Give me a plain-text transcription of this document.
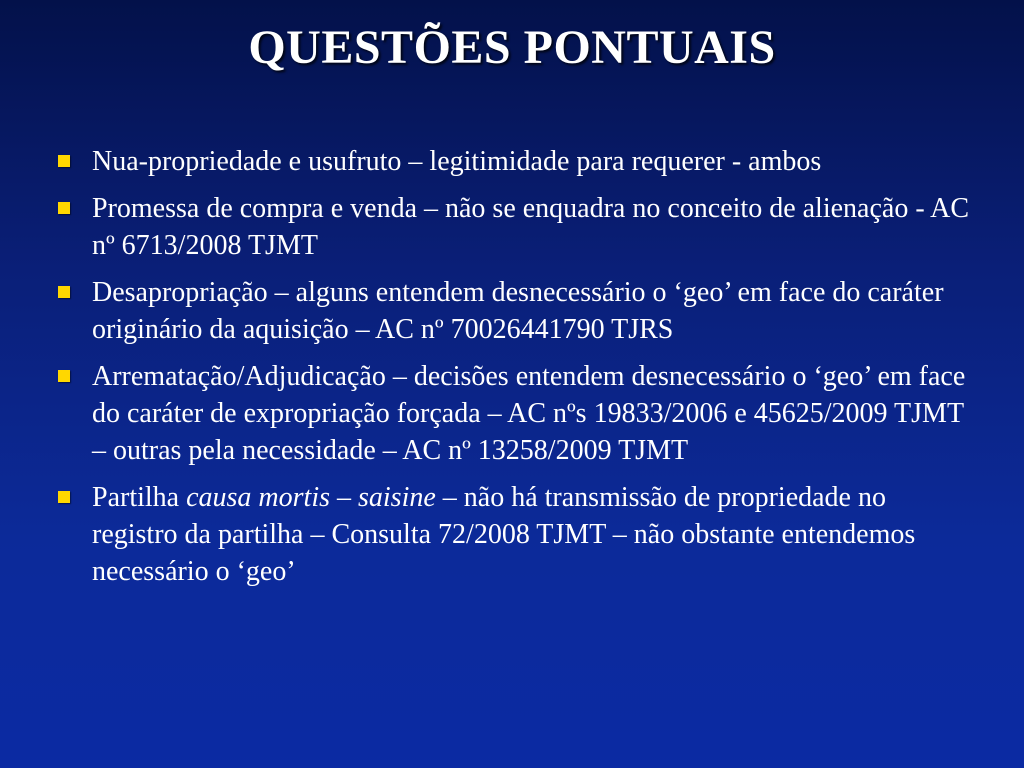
QUESTÕES PONTUAIS
Nua-propriedade e usufruto – legitimidade para requerer - ambos
Promessa de compra e venda – não se enquadra no conceito de alienação - AC nº 6713/2008 TJMT
Desapropriação – alguns entendem desnecessário o ‘geo’ em face do caráter originário da aquisição – AC nº 70026441790 TJRS
Arrematação/Adjudicação – decisões entendem desnecessário o ‘geo’ em face do caráter de expropriação forçada – AC nºs 19833/2006 e 45625/2009 TJMT – outras pela necessidade – AC nº 13258/2009 TJMT
Partilha causa mortis – saisine – não há transmissão de propriedade no registro da partilha – Consulta 72/2008 TJMT – não obstante entendemos necessário o ‘geo’
